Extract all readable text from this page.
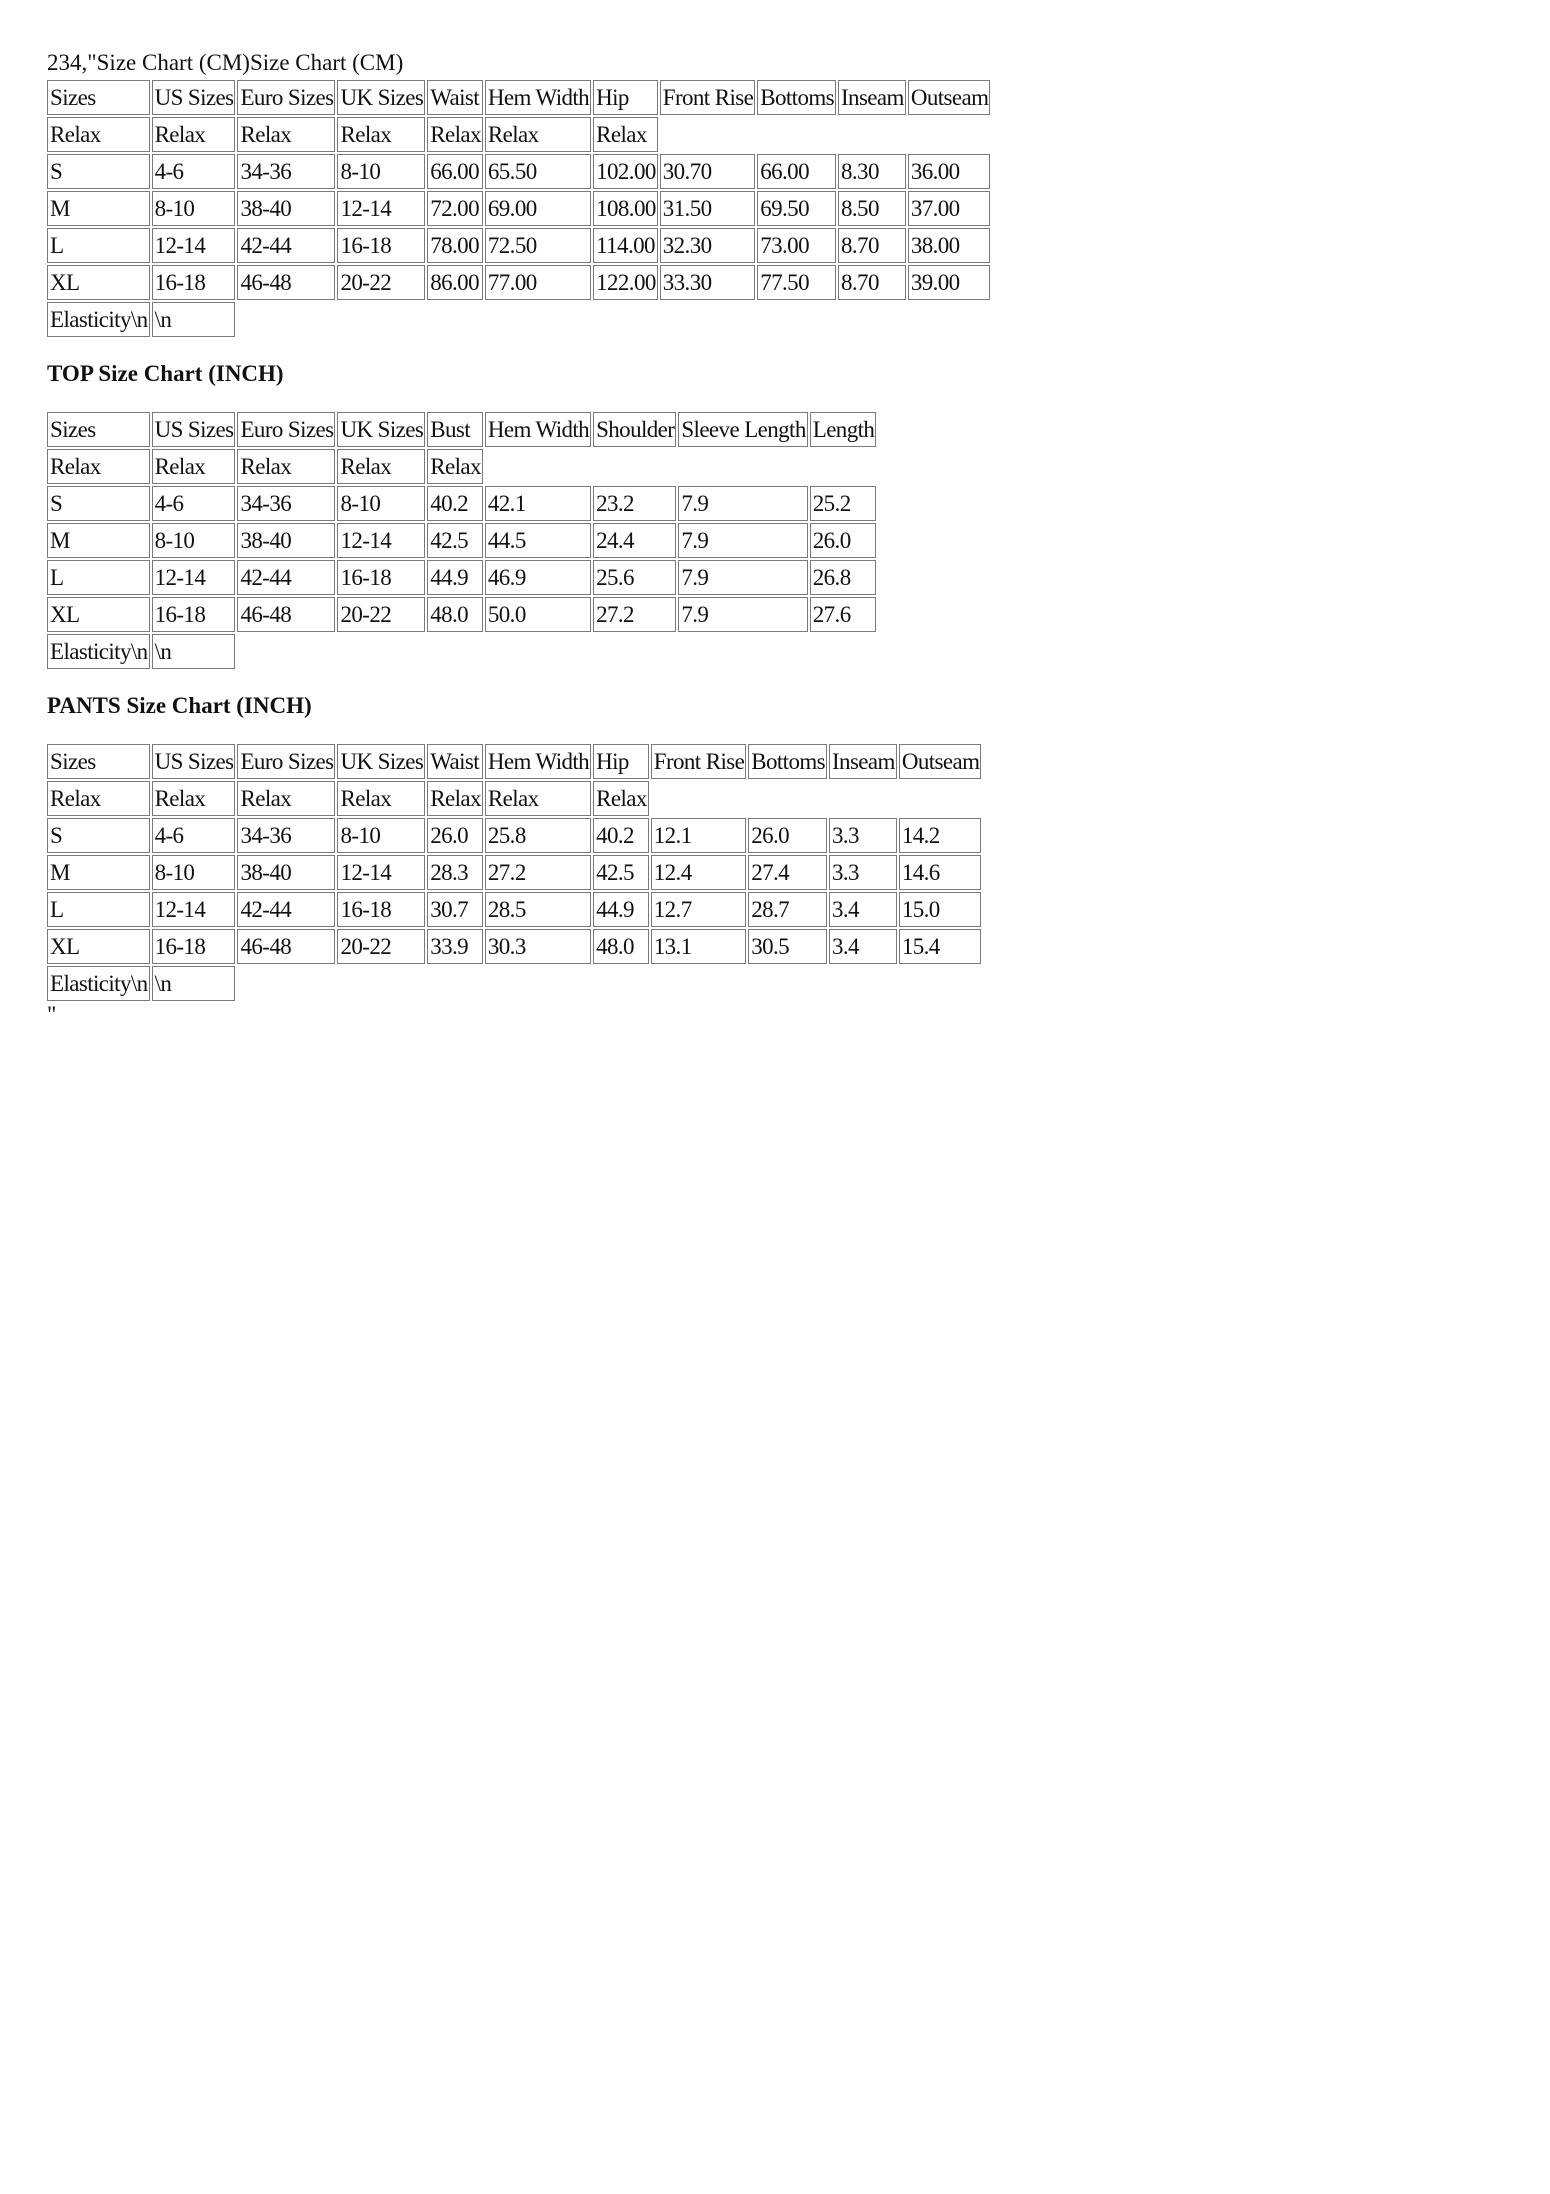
234,"Size Chart (CM)Size Chart (CM)
Sizes	US Sizes	Euro Sizes	UK Sizes	Waist	Hem Width	Hip	Front Rise	Bottoms	Inseam	Outseam
Relax	Relax	Relax	Relax	Relax	Relax	Relax				
S	4-6	34-36	8-10	66.00	65.50	102.00	30.70	66.00	8.30	36.00
M	8-10	38-40	12-14	72.00	69.00	108.00	31.50	69.50	8.50	37.00
L	12-14	42-44	16-18	78.00	72.50	114.00	32.30	73.00	8.70	38.00
XL	16-18	46-48	20-22	86.00	77.00	122.00	33.30	77.50	8.70	39.00
Elasticity\n	\n									
TOP Size Chart (INCH)
Sizes	US Sizes	Euro Sizes	UK Sizes	Bust	Hem Width	Shoulder	Sleeve Length	Length
Relax	Relax	Relax	Relax	Relax				
S	4-6	34-36	8-10	40.2	42.1	23.2	7.9	25.2
M	8-10	38-40	12-14	42.5	44.5	24.4	7.9	26.0
L	12-14	42-44	16-18	44.9	46.9	25.6	7.9	26.8
XL	16-18	46-48	20-22	48.0	50.0	27.2	7.9	27.6
Elasticity\n	\n							
PANTS Size Chart (INCH)
Sizes	US Sizes	Euro Sizes	UK Sizes	Waist	Hem Width	Hip	Front Rise	Bottoms	Inseam	Outseam
Relax	Relax	Relax	Relax	Relax	Relax	Relax				
S	4-6	34-36	8-10	26.0	25.8	40.2	12.1	26.0	3.3	14.2
M	8-10	38-40	12-14	28.3	27.2	42.5	12.4	27.4	3.3	14.6
L	12-14	42-44	16-18	30.7	28.5	44.9	12.7	28.7	3.4	15.0
XL	16-18	46-48	20-22	33.9	30.3	48.0	13.1	30.5	3.4	15.4
Elasticity\n	\n									
"
